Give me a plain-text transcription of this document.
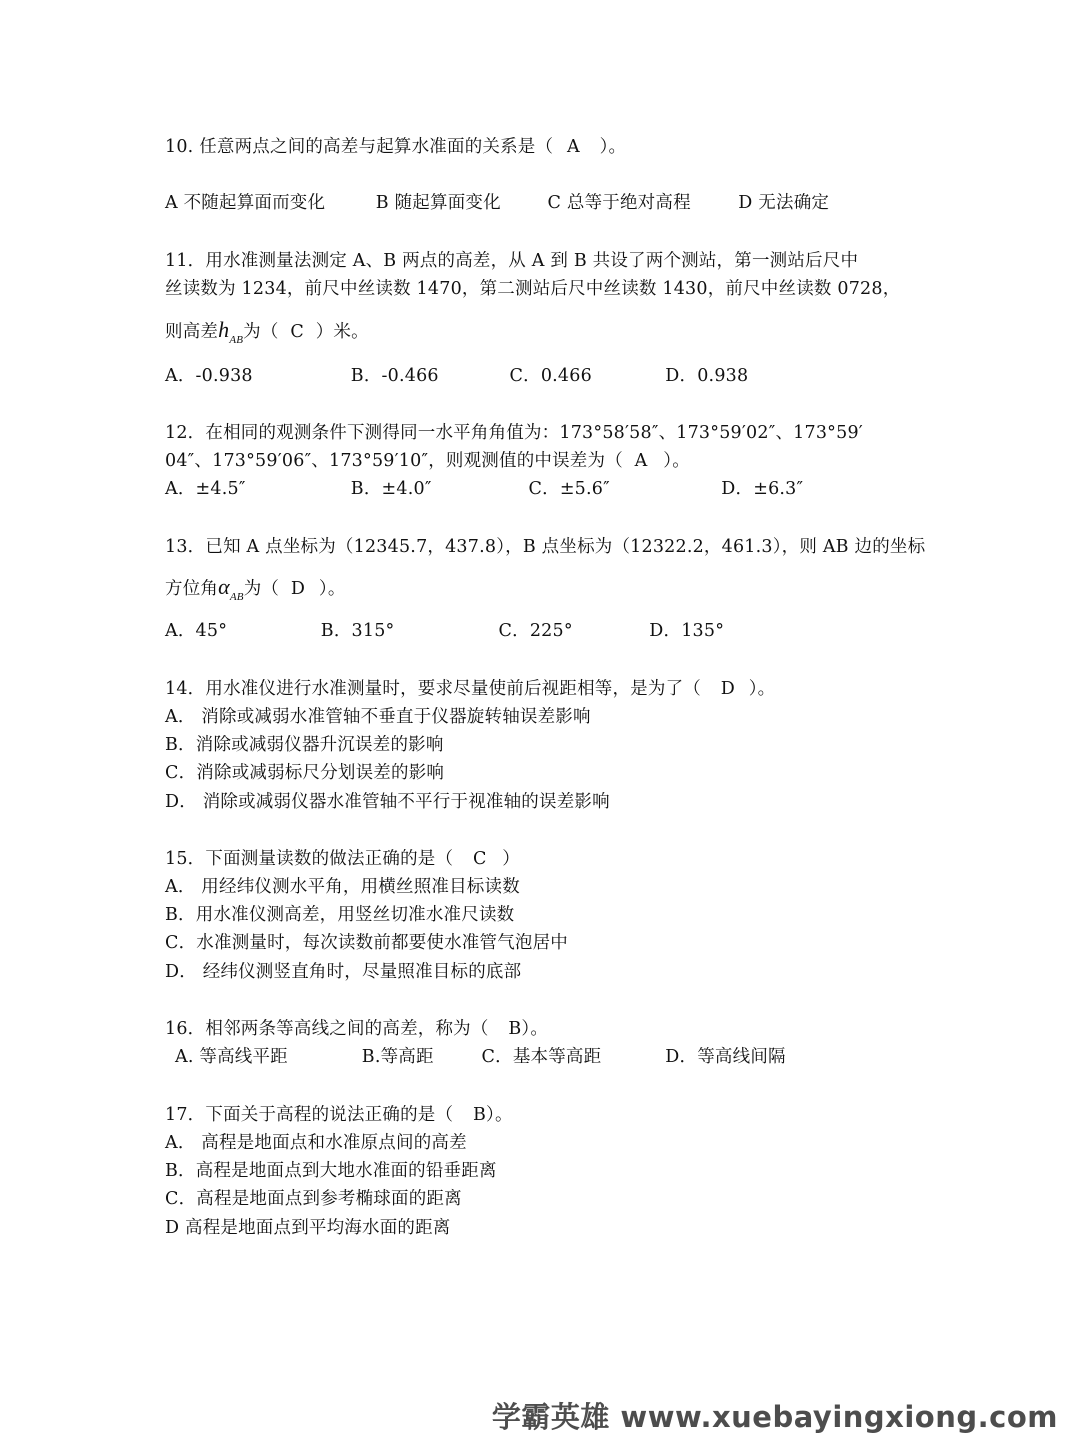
10. 任意两点之间的高差与起算水准面的关系是（ A ）。
A 不随起算面而变化	B 随起算面变化	C 总等于绝对高程	D 无法确定
11．用水准测量法测定 A、B 两点的高差，从 A 到 B 共设了两个测站，第一测站后尺中
丝读数为 1234，前尺中丝读数 1470，第二测站后尺中丝读数 1430，前尺中丝读数 0728，
则高差$h_{AB}$为（ C ）米。
A．-0.938	B．-0.466	C．0.466	D．0.938
12．在相同的观测条件下测得同一水平角角值为：173°58′58″、173°59′02″、173°59′
04″、173°59′06″、173°59′10″，则观测值的中误差为（ A ）。
A．±4.5″	B．±4.0″	C．±5.6″	D．±6.3″
13．已知 A 点坐标为（12345.7，437.8），B 点坐标为（12322.2，461.3），则 AB 边的坐标
方位角$\alpha_{AB}$为（ D ）。
A．45°	B．315°	C．225°	D．135°
14．用水准仪进行水准测量时，要求尽量使前后视距相等，是为了（ D ）。
A． 消除或减弱水准管轴不垂直于仪器旋转轴误差影响
B．消除或减弱仪器升沉误差的影响
C．消除或减弱标尺分划误差的影响
D． 消除或减弱仪器水准管轴不平行于视准轴的误差影响
15．下面测量读数的做法正确的是（ C ）
A． 用经纬仪测水平角，用横丝照准目标读数
B．用水准仪测高差，用竖丝切准水准尺读数
C．水准测量时，每次读数前都要使水准管气泡居中
D． 经纬仪测竖直角时，尽量照准目标的底部
16．相邻两条等高线之间的高差，称为（ B）。
A. 等高线平距	B.等高距	C．基本等高距	D．等高线间隔
17．下面关于高程的说法正确的是（ B）。
A． 高程是地面点和水准原点间的高差
B．高程是地面点到大地水准面的铅垂距离
C．高程是地面点到参考椭球面的距离
D 高程是地面点到平均海水面的距离
学霸英雄 www.xuebayingxiong.com
